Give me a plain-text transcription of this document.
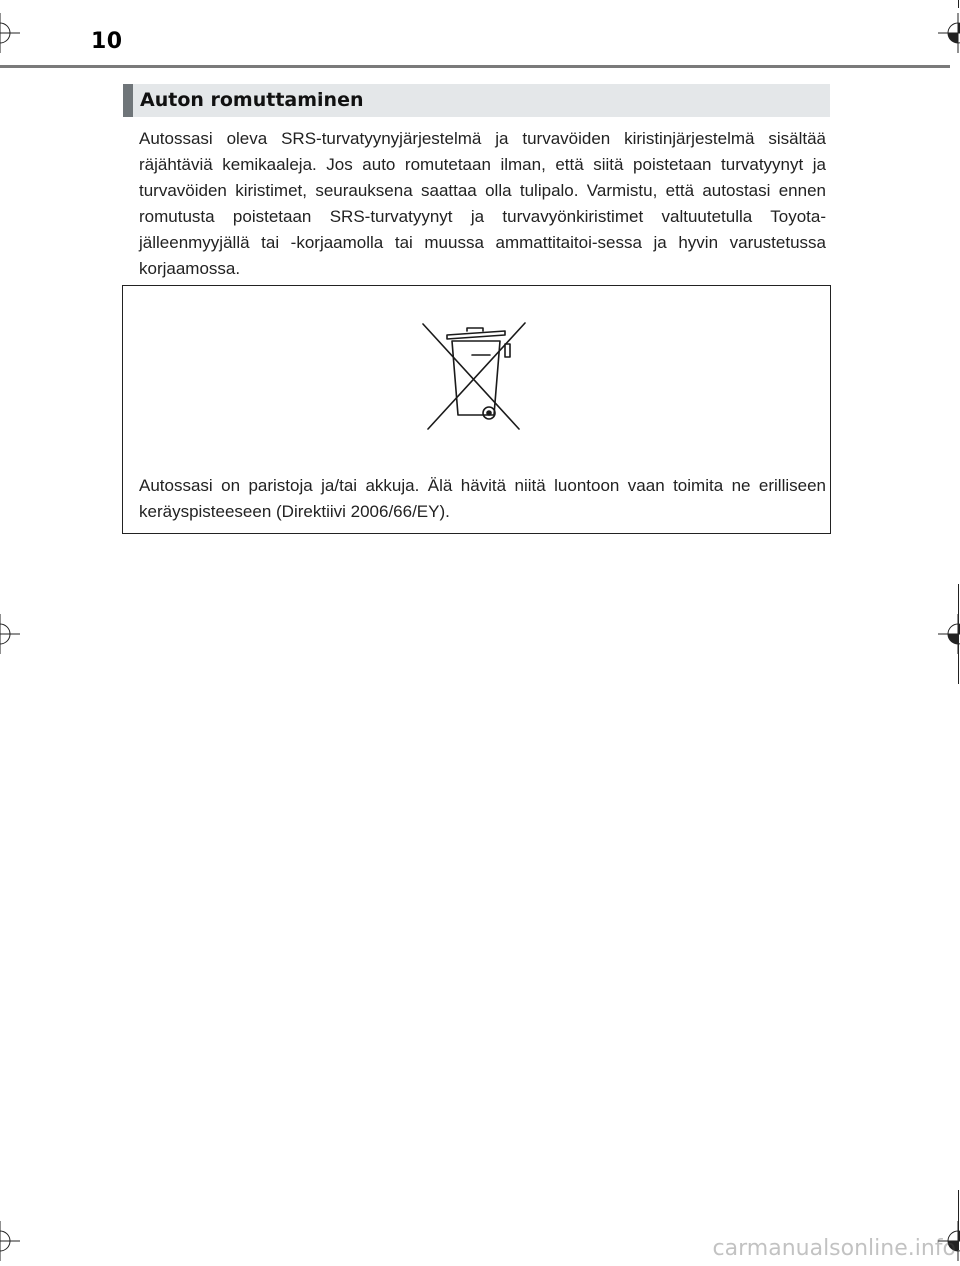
10
Auton romuttaminen

Autossasi oleva SRS-turvatyynyjärjestelmä ja turvavöiden kiristinjärjestelmä sisältää räjähtäviä kemikaaleja. Jos auto romutetaan ilman, että siitä poistetaan turvatyynyt ja turvavöiden kiristimet, seurauksena saattaa olla tulipalo. Varmistu, että autostasi ennen romutusta poistetaan SRS-turvatyynyt ja turvavyönkiristimet valtuutetulla Toyota-jälleenmyyjällä tai -korjaamolla tai muussa ammattitaitoi-sessa ja hyvin varustetussa korjaamossa.

Autossasi on paristoja ja/tai akkuja. Älä hävitä niitä luontoon vaan toimita ne erilliseen keräyspisteeseen (Direktiivi 2006/66/EY).

carmanualsonline.info
